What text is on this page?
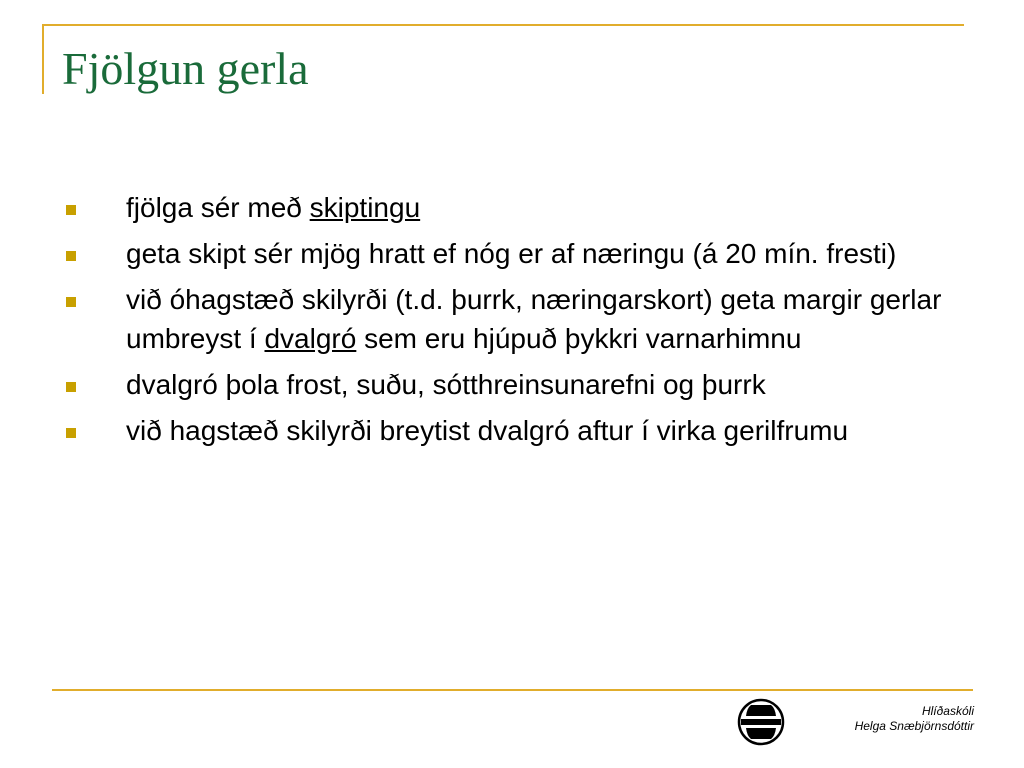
Fjölgun gerla
fjölga sér með skiptingu
geta skipt sér mjög hratt ef nóg er af næringu (á 20 mín. fresti)
við óhagstæð skilyrði (t.d. þurrk, næringarskort) geta margir gerlar umbreyst í dvalgró sem eru hjúpuð þykkri varnarhimnu
dvalgró þola frost, suðu, sótthreinsunarefni og þurrk
við hagstæð skilyrði breytist dvalgró aftur í virka gerilfrumu
Hlíðaskóli
Helga Snæbjörnsdóttir
